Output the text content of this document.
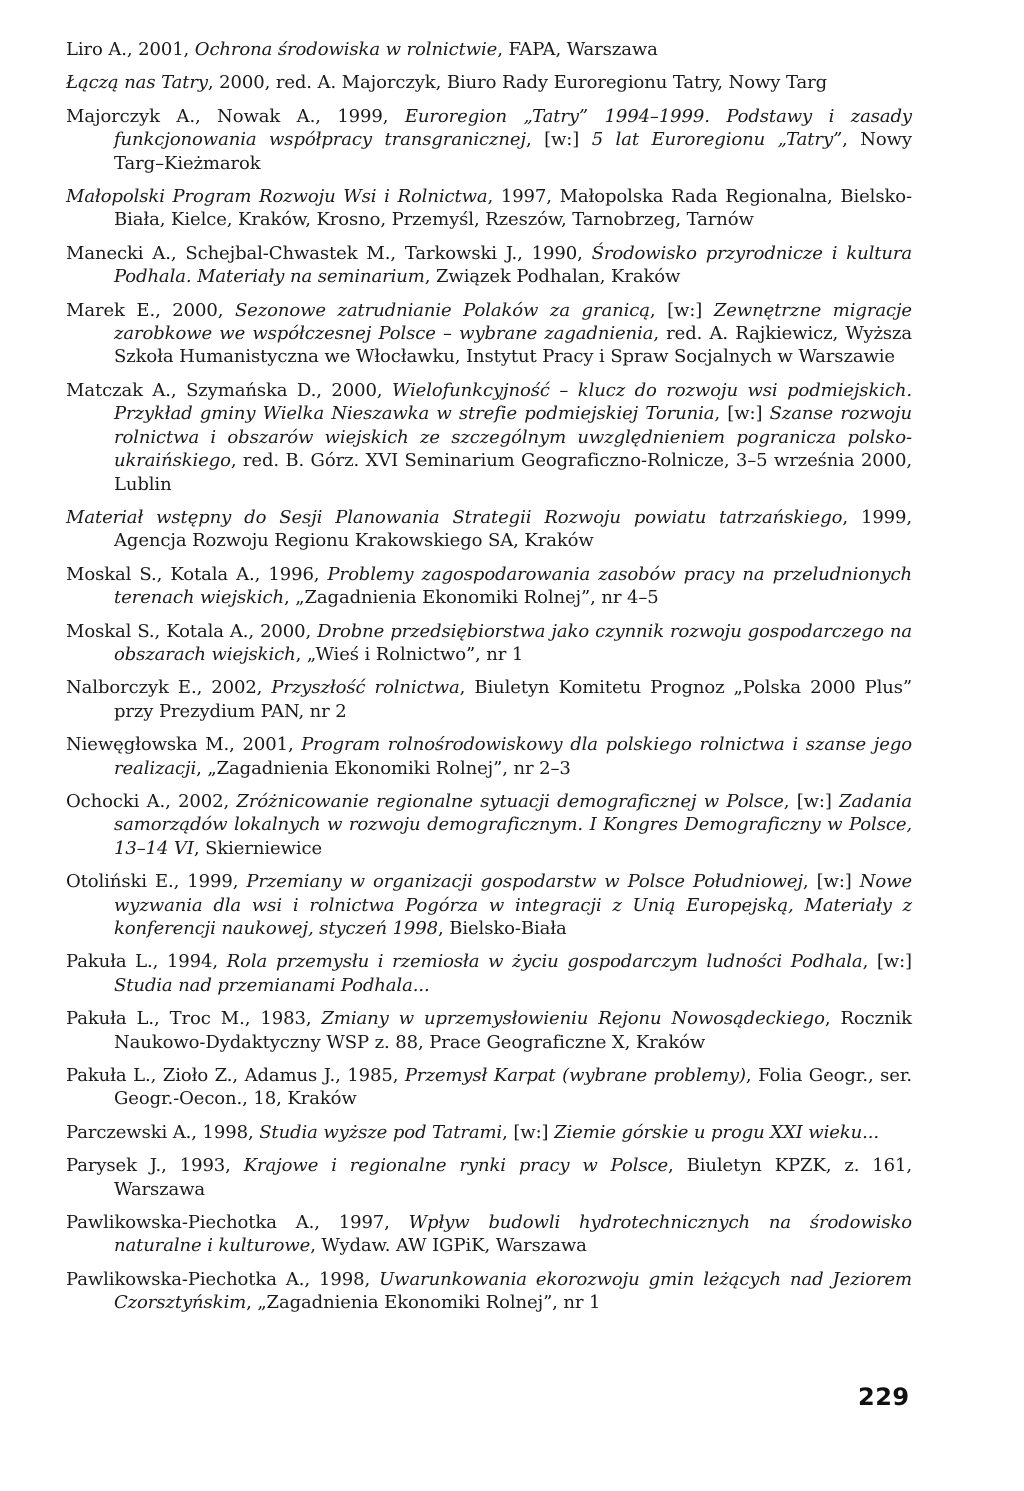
Liro A., 2001, Ochrona środowiska w rolnictwie, FAPA, Warszawa

Łączą nas Tatry, 2000, red. A. Majorczyk, Biuro Rady Euroregionu Tatry, Nowy Targ

Majorczyk A., Nowak A., 1999, Euroregion „Tatry” 1994–1999. Podstawy i zasady funkcjonowania współpracy transgranicznej, [w:] 5 lat Euroregionu „Tatry”, Nowy Targ–Kieżmarok

Małopolski Program Rozwoju Wsi i Rolnictwa, 1997, Małopolska Rada Regionalna, Bielsko-Biała, Kielce, Kraków, Krosno, Przemyśl, Rzeszów, Tarnobrzeg, Tarnów

Manecki A., Schejbal-Chwastek M., Tarkowski J., 1990, Środowisko przyrodnicze i kultura Podhala. Materiały na seminarium, Związek Podhalan, Kraków

Marek E., 2000, Sezonowe zatrudnianie Polaków za granicą, [w:] Zewnętrzne migracje zarobkowe we współczesnej Polsce – wybrane zagadnienia, red. A. Rajkiewicz, Wyższa Szkoła Humanistyczna we Włocławku, Instytut Pracy i Spraw Socjalnych w Warszawie

Matczak A., Szymańska D., 2000, Wielofunkcyjność – klucz do rozwoju wsi podmiejskich. Przykład gminy Wielka Nieszawka w strefie podmiejskiej Torunia, [w:] Szanse rozwoju rolnictwa i obszarów wiejskich ze szczególnym uwzględnieniem pogranicza polsko-ukraińskiego, red. B. Górz. XVI Seminarium Geograficzno-Rolnicze, 3–5 września 2000, Lublin

Materiał wstępny do Sesji Planowania Strategii Rozwoju powiatu tatrzańskiego, 1999, Agencja Rozwoju Regionu Krakowskiego SA, Kraków

Moskal S., Kotala A., 1996, Problemy zagospodarowania zasobów pracy na przeludnionych terenach wiejskich, „Zagadnienia Ekonomiki Rolnej”, nr 4–5

Moskal S., Kotala A., 2000, Drobne przedsiębiorstwa jako czynnik rozwoju gospodarczego na obszarach wiejskich, „Wieś i Rolnictwo”, nr 1

Nalborczyk E., 2002, Przyszłość rolnictwa, Biuletyn Komitetu Prognoz „Polska 2000 Plus” przy Prezydium PAN, nr 2

Niewęgłowska M., 2001, Program rolnośrodowiskowy dla polskiego rolnictwa i szanse jego realizacji, „Zagadnienia Ekonomiki Rolnej”, nr 2–3

Ochocki A., 2002, Zróżnicowanie regionalne sytuacji demograficznej w Polsce, [w:] Zadania samorządów lokalnych w rozwoju demograficznym. I Kongres Demograficzny w Polsce, 13–14 VI, Skierniewice

Otoliński E., 1999, Przemiany w organizacji gospodarstw w Polsce Południowej, [w:] Nowe wyzwania dla wsi i rolnictwa Pogórza w integracji z Unią Europejską, Materiały z konferencji naukowej, styczeń 1998, Bielsko-Biała

Pakuła L., 1994, Rola przemysłu i rzemiosła w życiu gospodarczym ludności Podhala, [w:] Studia nad przemianami Podhala...

Pakuła L., Troc M., 1983, Zmiany w uprzemysłowieniu Rejonu Nowosądeckiego, Rocznik Naukowo-Dydaktyczny WSP z. 88, Prace Geograficzne X, Kraków

Pakuła L., Zioło Z., Adamus J., 1985, Przemysł Karpat (wybrane problemy), Folia Geogr., ser. Geogr.-Oecon., 18, Kraków

Parczewski A., 1998, Studia wyższe pod Tatrami, [w:] Ziemie górskie u progu XXI wieku...

Parysek J., 1993, Krajowe i regionalne rynki pracy w Polsce, Biuletyn KPZK, z. 161, Warszawa

Pawlikowska-Piechotka A., 1997, Wpływ budowli hydrotechnicznych na środowisko naturalne i kulturowe, Wydaw. AW IGPiK, Warszawa

Pawlikowska-Piechotka A., 1998, Uwarunkowania ekorozwoju gmin leżących nad Jeziorem Czorsztyńskim, „Zagadnienia Ekonomiki Rolnej”, nr 1

229
